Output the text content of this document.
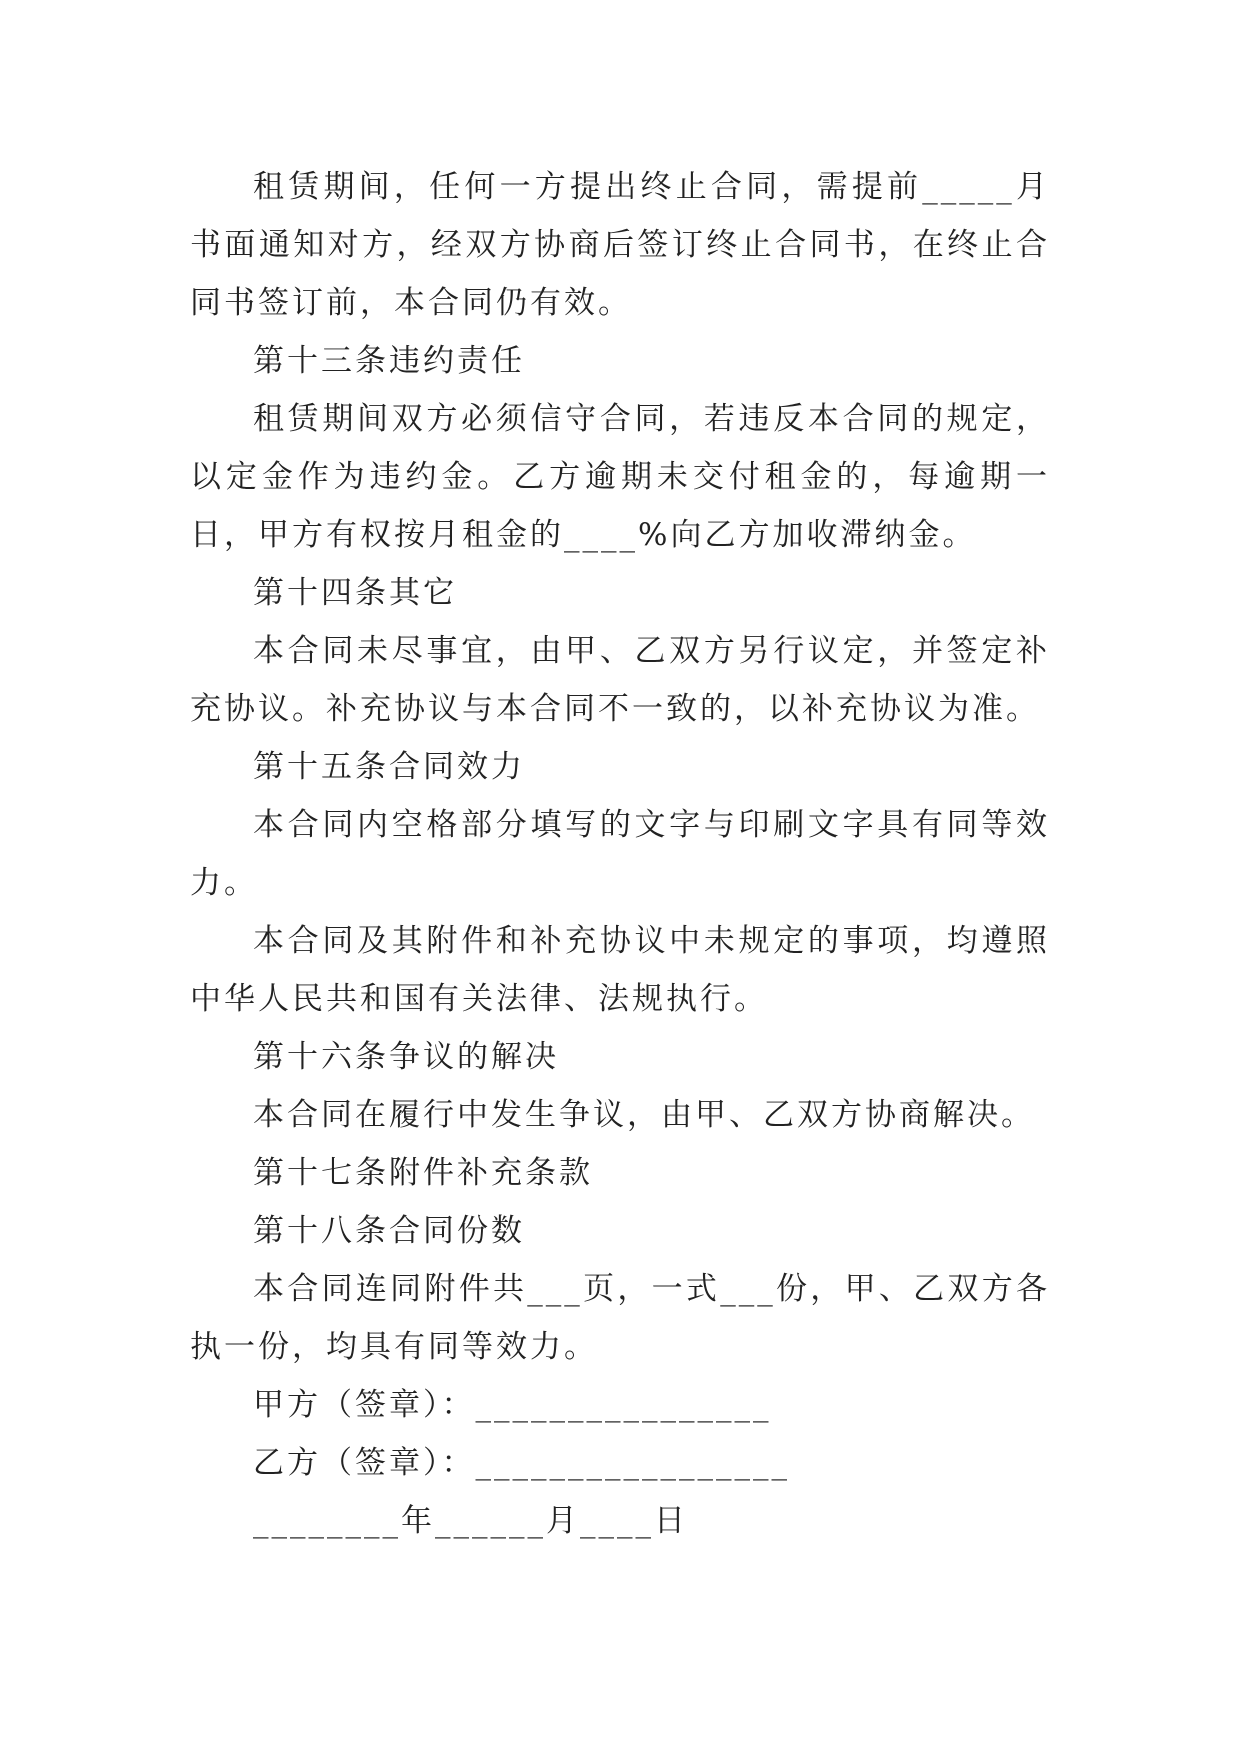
租赁期间，任何一方提出终止合同，需提前_____月书面通知对方，经双方协商后签订终止合同书，在终止合同书签订前，本合同仍有效。

第十三条违约责任

租赁期间双方必须信守合同，若违反本合同的规定，以定金作为违约金。乙方逾期未交付租金的，每逾期一日，甲方有权按月租金的____%向乙方加收滞纳金。

第十四条其它

本合同未尽事宜，由甲、乙双方另行议定，并签定补充协议。补充协议与本合同不一致的，以补充协议为准。

第十五条合同效力

本合同内空格部分填写的文字与印刷文字具有同等效力。

本合同及其附件和补充协议中未规定的事项，均遵照中华人民共和国有关法律、法规执行。

第十六条争议的解决

本合同在履行中发生争议，由甲、乙双方协商解决。

第十七条附件补充条款

第十八条合同份数

本合同连同附件共___页，一式___份，甲、乙双方各执一份，均具有同等效力。

甲方（签章）：________________

乙方（签章）：_________________

________年______月____日
